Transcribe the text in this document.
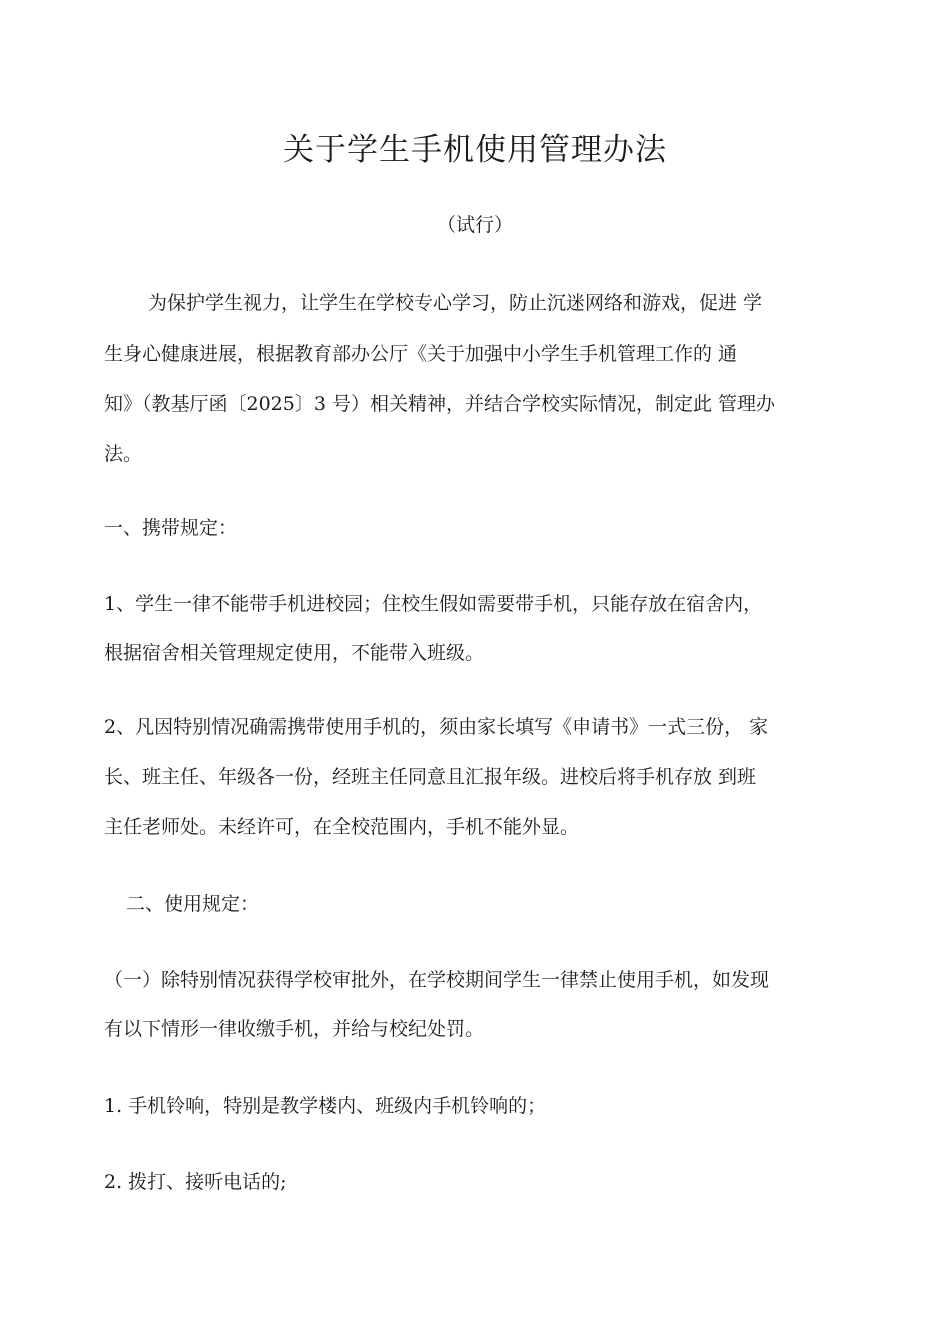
关于学生手机使用管理办法
（试行）
为保护学生视力，让学生在学校专心学习，防止沉迷网络和游戏，促进 学
生身心健康进展，根据教育部办公厅《关于加强中小学生手机管理工作的 通
知》（教基厅函〔2025〕3 号）相关精神，并结合学校实际情况，制定此 管理办
法。
一、携带规定：
1、学生一律不能带手机进校园；住校生假如需要带手机，只能存放在宿舍内，
根据宿舍相关管理规定使用，不能带入班级。
2、凡因特别情况确需携带使用手机的，须由家长填写《申请书》一式三份， 家
长、班主任、年级各一份，经班主任同意且汇报年级。进校后将手机存放 到班
主任老师处。未经许可，在全校范围内，手机不能外显。
二、使用规定：
（一）除特别情况获得学校审批外，在学校期间学生一律禁止使用手机，如发现
有以下情形一律收缴手机，并给与校纪处罚。
1. 手机铃响，特别是教学楼内、班级内手机铃响的；
2. 拨打、接听电话的;
